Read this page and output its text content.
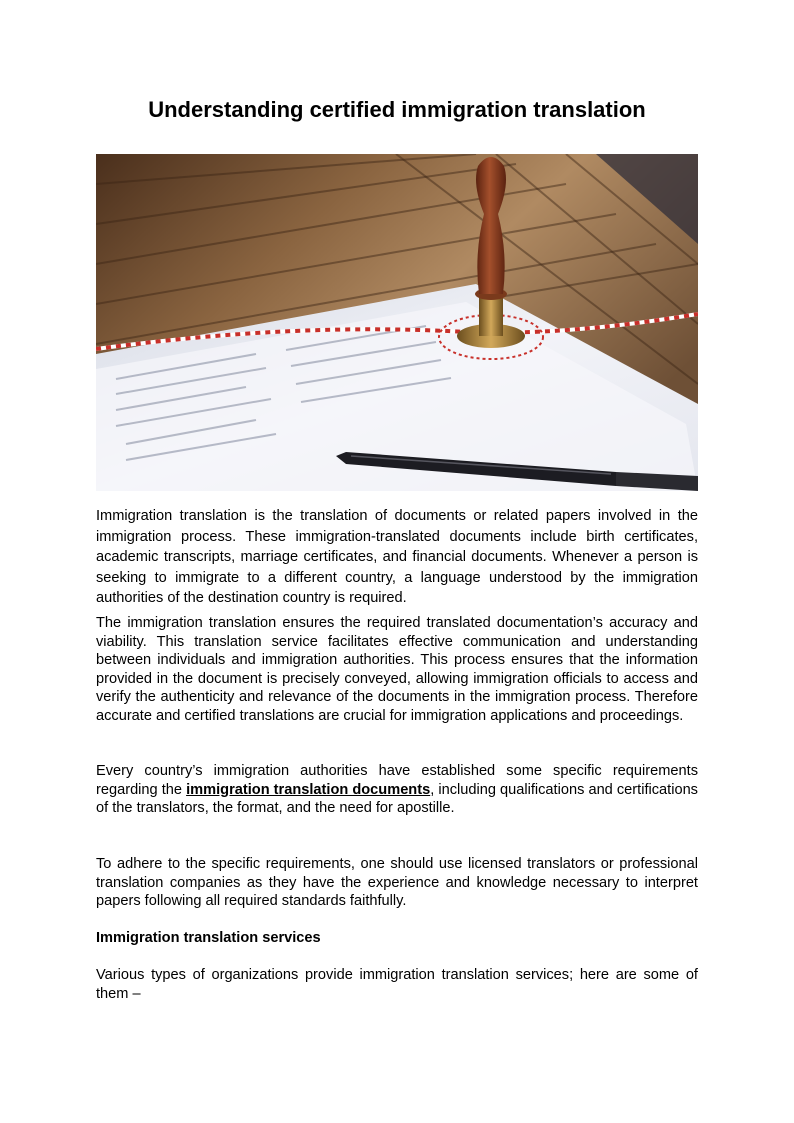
Understanding certified immigration translation

Immigration translation is the translation of documents or related papers involved in the immigration process. These immigration-translated documents include birth certificates, academic transcripts, marriage certificates, and financial documents. Whenever a person is seeking to immigrate to a different country, a language understood by the immigration authorities of the destination country is required.

The immigration translation ensures the required translated documentation’s accuracy and viability. This translation service facilitates effective communication and understanding between individuals and immigration authorities. This process ensures that the information provided in the document is precisely conveyed, allowing immigration officials to access and verify the authenticity and relevance of the documents in the immigration process. Therefore accurate and certified translations are crucial for immigration applications and proceedings.

Every country’s immigration authorities have established some specific requirements regarding the immigration translation documents, including qualifications and certifications of the translators, the format, and the need for apostille.

To adhere to the specific requirements, one should use licensed translators or professional translation companies as they have the experience and knowledge necessary to interpret papers following all required standards faithfully.

Immigration translation services

Various types of organizations provide immigration translation services; here are some of them –
